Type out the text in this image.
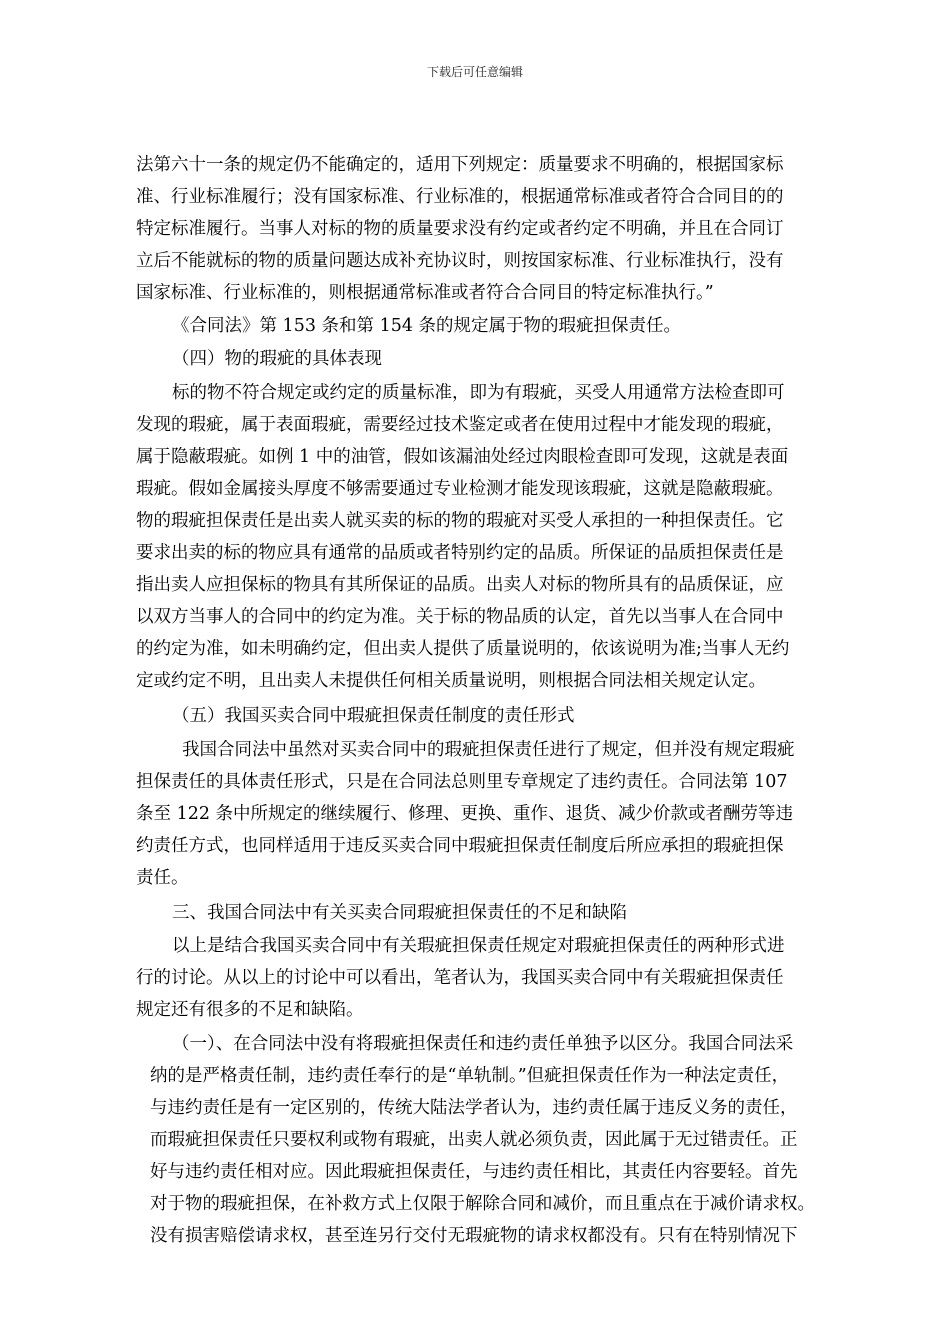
下载后可任意编辑
法第六十一条的规定仍不能确定的，适用下列规定：质量要求不明确的，根据国家标
准、行业标准履行；没有国家标准、行业标准的，根据通常标准或者符合合同目的的
特定标准履行。当事人对标的物的质量要求没有约定或者约定不明确，并且在合同订
立后不能就标的物的质量问题达成补充协议时，则按国家标准、行业标准执行，没有
国家标准、行业标准的，则根据通常标准或者符合合同目的特定标准执行。”
《合同法》第 153 条和第 154 条的规定属于物的瑕疵担保责任。
（四）物的瑕疵的具体表现
标的物不符合规定或约定的质量标准，即为有瑕疵，买受人用通常方法检查即可
发现的瑕疵，属于表面瑕疵，需要经过技术鉴定或者在使用过程中才能发现的瑕疵，
属于隐蔽瑕疵。如例 1 中的油管，假如该漏油处经过肉眼检查即可发现，这就是表面
瑕疵。假如金属接头厚度不够需要通过专业检测才能发现该瑕疵，这就是隐蔽瑕疵。
物的瑕疵担保责任是出卖人就买卖的标的物的瑕疵对买受人承担的一种担保责任。它
要求出卖的标的物应具有通常的品质或者特别约定的品质。所保证的品质担保责任是
指出卖人应担保标的物具有其所保证的品质。出卖人对标的物所具有的品质保证，应
以双方当事人的合同中的约定为准。关于标的物品质的认定，首先以当事人在合同中
的约定为准，如未明确约定，但出卖人提供了质量说明的，依该说明为准;当事人无约
定或约定不明，且出卖人未提供任何相关质量说明，则根据合同法相关规定认定。
（五）我国买卖合同中瑕疵担保责任制度的责任形式
我国合同法中虽然对买卖合同中的瑕疵担保责任进行了规定，但并没有规定瑕疵
担保责任的具体责任形式，只是在合同法总则里专章规定了违约责任。合同法第 107
条至 122 条中所规定的继续履行、修理、更换、重作、退货、减少价款或者酬劳等违
约责任方式，也同样适用于违反买卖合同中瑕疵担保责任制度后所应承担的瑕疵担保
责任。
三、我国合同法中有关买卖合同瑕疵担保责任的不足和缺陷
以上是结合我国买卖合同中有关瑕疵担保责任规定对瑕疵担保责任的两种形式进
行的讨论。从以上的讨论中可以看出，笔者认为，我国买卖合同中有关瑕疵担保责任
规定还有很多的不足和缺陷。
（一）、在合同法中没有将瑕疵担保责任和违约责任单独予以区分。我国合同法采
纳的是严格责任制，违约责任奉行的是“单轨制。”但疵担保责任作为一种法定责任，
与违约责任是有一定区别的，传统大陆法学者认为，违约责任属于违反义务的责任，
而瑕疵担保责任只要权利或物有瑕疵，出卖人就必须负责，因此属于无过错责任。正
好与违约责任相对应。因此瑕疵担保责任，与违约责任相比，其责任内容要轻。首先
对于物的瑕疵担保，在补救方式上仅限于解除合同和减价，而且重点在于减价请求权。
没有损害赔偿请求权，甚至连另行交付无瑕疵物的请求权都没有。只有在特别情况下
